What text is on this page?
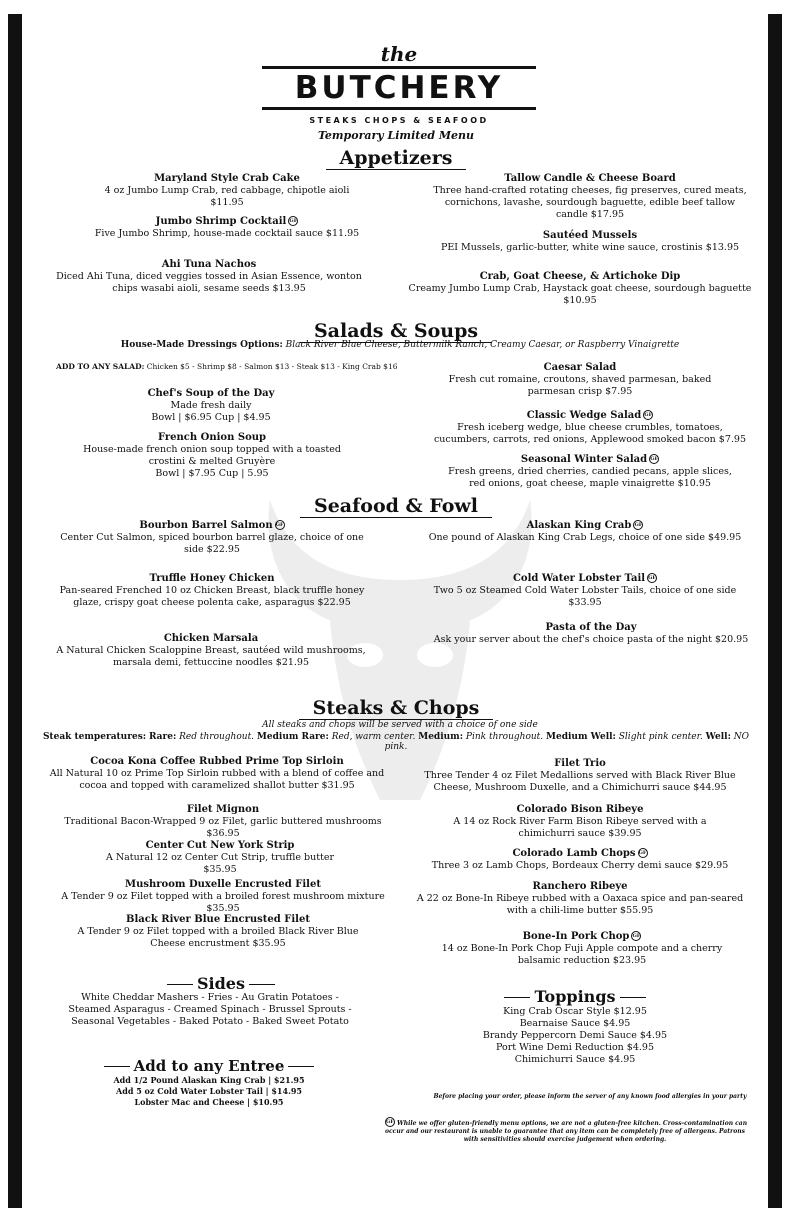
the
BUTCHERY
STEAKS CHOPS & SEAFOOD
Temporary Limited Menu
Appetizers
Maryland Style Crab Cake
4 oz Jumbo Lump Crab, red cabbage, chipotle aioli $11.95
Jumbo Shrimp Cocktail GF
Five Jumbo Shrimp, house-made cocktail sauce $11.95
Ahi Tuna Nachos
Diced Ahi Tuna, diced veggies tossed in Asian Essence, wonton chips wasabi aioli, sesame seeds $13.95
Tallow Candle & Cheese Board
Three hand-crafted rotating cheeses, fig preserves, cured meats, cornichons, lavashe, sourdough baguette, edible beef tallow candle $17.95
Sautéed Mussels
PEI Mussels, garlic-butter, white wine sauce, crostinis $13.95
Crab, Goat Cheese, & Artichoke Dip
Creamy Jumbo Lump Crab, Haystack goat cheese, sourdough baguette $10.95
Salads & Soups
House-Made Dressings Options: Black River Blue Cheese, Buttermilk Ranch, Creamy Caesar, or Raspberry Vinaigrette
ADD TO ANY SALAD: Chicken $5 - Shrimp $8 - Salmon $13 - Steak $13 - King Crab $16
Chef's Soup of the Day
Made fresh daily
Bowl | $6.95 Cup | $4.95
French Onion Soup
House-made french onion soup topped with a toasted crostini & melted Gruyère
Bowl | $7.95 Cup | 5.95
Caesar Salad
Fresh cut romaine, croutons, shaved parmesan, baked parmesan crisp $7.95
Classic Wedge Salad GF
Fresh iceberg wedge, blue cheese crumbles, tomatoes, cucumbers, carrots, red onions, Applewood smoked bacon $7.95
Seasonal Winter Salad GF
Fresh greens, dried cherries, candied pecans, apple slices, red onions, goat cheese, maple vinaigrette $10.95
Seafood & Fowl
Bourbon Barrel Salmon GF
Center Cut Salmon, spiced bourbon barrel glaze, choice of one side $22.95
Truffle Honey Chicken
Pan-seared Frenched 10 oz Chicken Breast, black truffle honey glaze, crispy goat cheese polenta cake, asparagus $22.95
Chicken Marsala
A Natural Chicken Scaloppine Breast, sautéed wild mushrooms, marsala demi, fettuccine noodles $21.95
Alaskan King Crab GF
One pound of Alaskan King Crab Legs, choice of one side $49.95
Cold Water Lobster Tail GF
Two 5 oz Steamed Cold Water Lobster Tails, choice of one side $33.95
Pasta of the Day
Ask your server about the chef's choice pasta of the night $20.95
Steaks & Chops
All steaks and chops will be served with a choice of one side
Steak temperatures: Rare: Red throughout. Medium Rare: Red, warm center. Medium: Pink throughout. Medium Well: Slight pink center. Well: NO pink.
Cocoa Kona Coffee Rubbed Prime Top Sirloin
All Natural 10 oz Prime Top Sirloin rubbed with a blend of coffee and cocoa and topped with caramelized shallot butter $31.95
Filet Mignon
Traditional Bacon-Wrapped 9 oz Filet, garlic buttered mushrooms $36.95
Center Cut New York Strip
A Natural 12 oz Center Cut Strip, truffle butter $35.95
Mushroom Duxelle Encrusted Filet
A Tender 9 oz Filet topped with a broiled forest mushroom mixture $35.95
Black River Blue Encrusted Filet
A Tender 9 oz Filet topped with a broiled Black River Blue Cheese encrustment $35.95
Filet Trio
Three Tender 4 oz Filet Medallions served with Black River Blue Cheese, Mushroom Duxelle, and a Chimichurri sauce $44.95
Colorado Bison Ribeye
A 14 oz Rock River Farm Bison Ribeye served with a chimichurri sauce $39.95
Colorado Lamb Chops GF
Three 3 oz Lamb Chops, Bordeaux Cherry demi sauce $29.95
Ranchero Ribeye
A 22 oz Bone-In Ribeye rubbed with a Oaxaca spice and pan-seared with a chili-lime butter $55.95
Bone-In Pork Chop GF
14 oz Bone-In Pork Chop Fuji Apple compote and a cherry balsamic reduction $23.95
Sides
White Cheddar Mashers - Fries - Au Gratin Potatoes - Steamed Asparagus - Creamed Spinach - Brussel Sprouts - Seasonal Vegetables - Baked Potato - Baked Sweet Potato
Add to any Entree
Add 1/2 Pound Alaskan King Crab | $21.95
Add 5 oz Cold Water Lobster Tail | $14.95
Lobster Mac and Cheese | $10.95
Toppings
King Crab Oscar Style $12.95
Bearnaise Sauce $4.95
Brandy Peppercorn Demi Sauce $4.95
Port Wine Demi Reduction $4.95
Chimichurri Sauce $4.95
Before placing your order, please inform the server of any known food allergies in your party
GF While we offer gluten-friendly menu options, we are not a gluten-free kitchen. Cross-contamination can occur and our restaurant is unable to guarantee that any item can be completely free of allergens. Patrons with sensitivities should exercise judgement when ordering.
